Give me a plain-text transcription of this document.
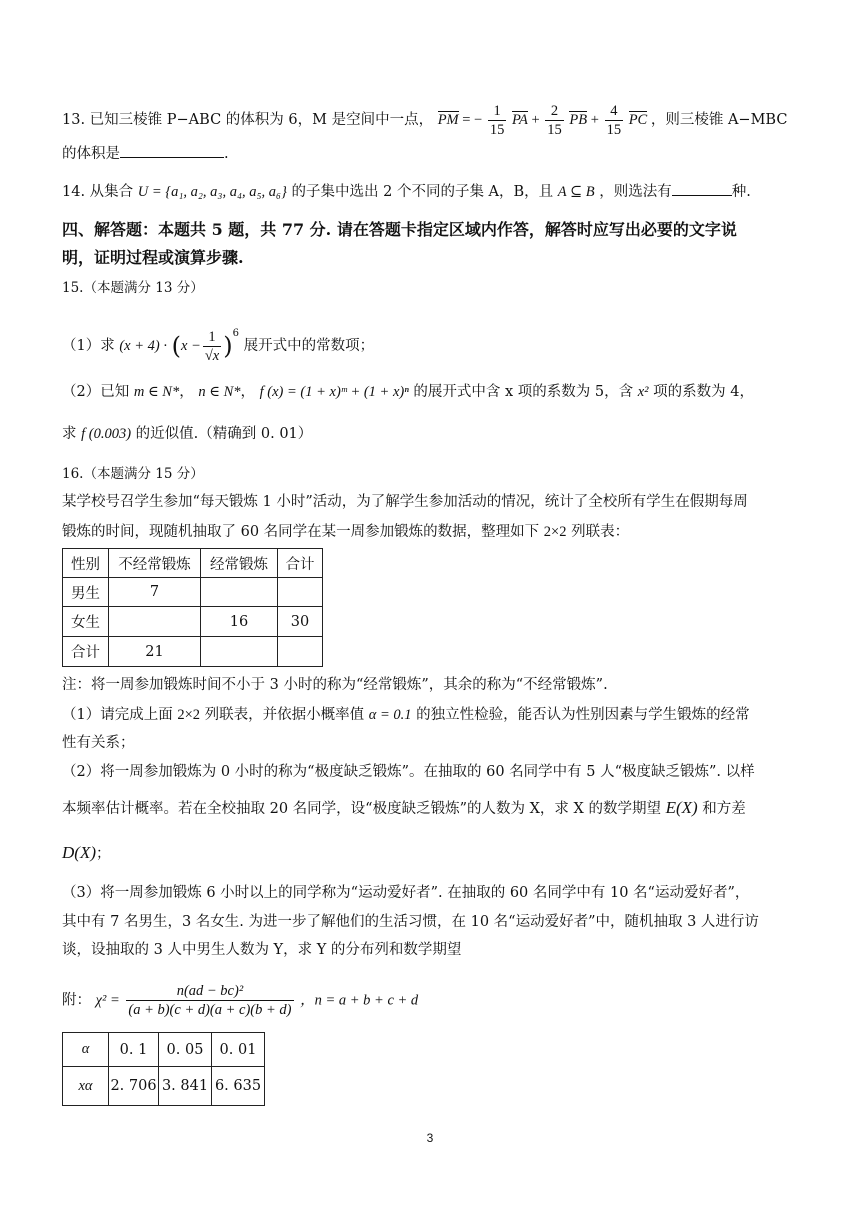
13. 已知三棱锥 P−ABC 的体积为 6，M 是空间中一点， PM = − $\frac{1}{15}$ PA + $\frac{2}{15}$ PB + $\frac{4}{15}$ PC ，则三棱锥 A−MBC
的体积是	.
14. 从集合 U = {a₁, a₂, a₃, a₄, a₅, a₆} 的子集中选出 2 个不同的子集 A，B，且 A ⊆ B ，则选法有	种.
四、解答题：本题共 5 题，共 77 分. 请在答题卡指定区域内作答，解答时应写出必要的文字说
明，证明过程或演算步骤.
15.（本题满分 13 分）
（1）求 $(x + 4) \cdot (x - \frac{1}{√x} )^6$ 展开式中的常数项；
（2）已知 m ∈ N*， n ∈ N*， f (x) = (1 + x)ᵐ + (1 + x)ⁿ 的展开式中含 x 项的系数为 5，含 x² 项的系数为 4，
求 f (0.003) 的近似值.（精确到 0. 01）
16.（本题满分 15 分）
某学校号召学生参加“每天锻炼 1 小时”活动，为了解学生参加活动的情况，统计了全校所有学生在假期每周
锻炼的时间，现随机抽取了 60 名同学在某一周参加锻炼的数据，整理如下 2×2 列联表：
性别	不经常锻炼	经常锻炼	合计
男生	7		
女生		16	30
合计	21		
注：将一周参加锻炼时间不小于 3 小时的称为“经常锻炼”，其余的称为“不经常锻炼”.
（1）请完成上面 2×2 列联表，并依据小概率值 α = 0.1 的独立性检验，能否认为性别因素与学生锻炼的经常
性有关系；
（2）将一周参加锻炼为 0 小时的称为“极度缺乏锻炼”。在抽取的 60 名同学中有 5 人“极度缺乏锻炼”. 以样
本频率估计概率。若在全校抽取 20 名同学，设“极度缺乏锻炼”的人数为 X，求 X 的数学期望 E(X) 和方差
D(X)；
（3）将一周参加锻炼 6 小时以上的同学称为“运动爱好者”. 在抽取的 60 名同学中有 10 名“运动爱好者”，
其中有 7 名男生，3 名女生. 为进一步了解他们的生活习惯，在 10 名“运动爱好者”中，随机抽取 3 人进行访
谈，设抽取的 3 人中男生人数为 Y，求 Y 的分布列和数学期望
附： $\chi^2 = \frac{\text{n(ad − bc)²}}{(a + b)(c + d)(a + c)(b + d)}$ ，n = a + b + c + d
α	0. 1	0. 05	0. 01
xα	2. 706	3. 841	6. 635
3
